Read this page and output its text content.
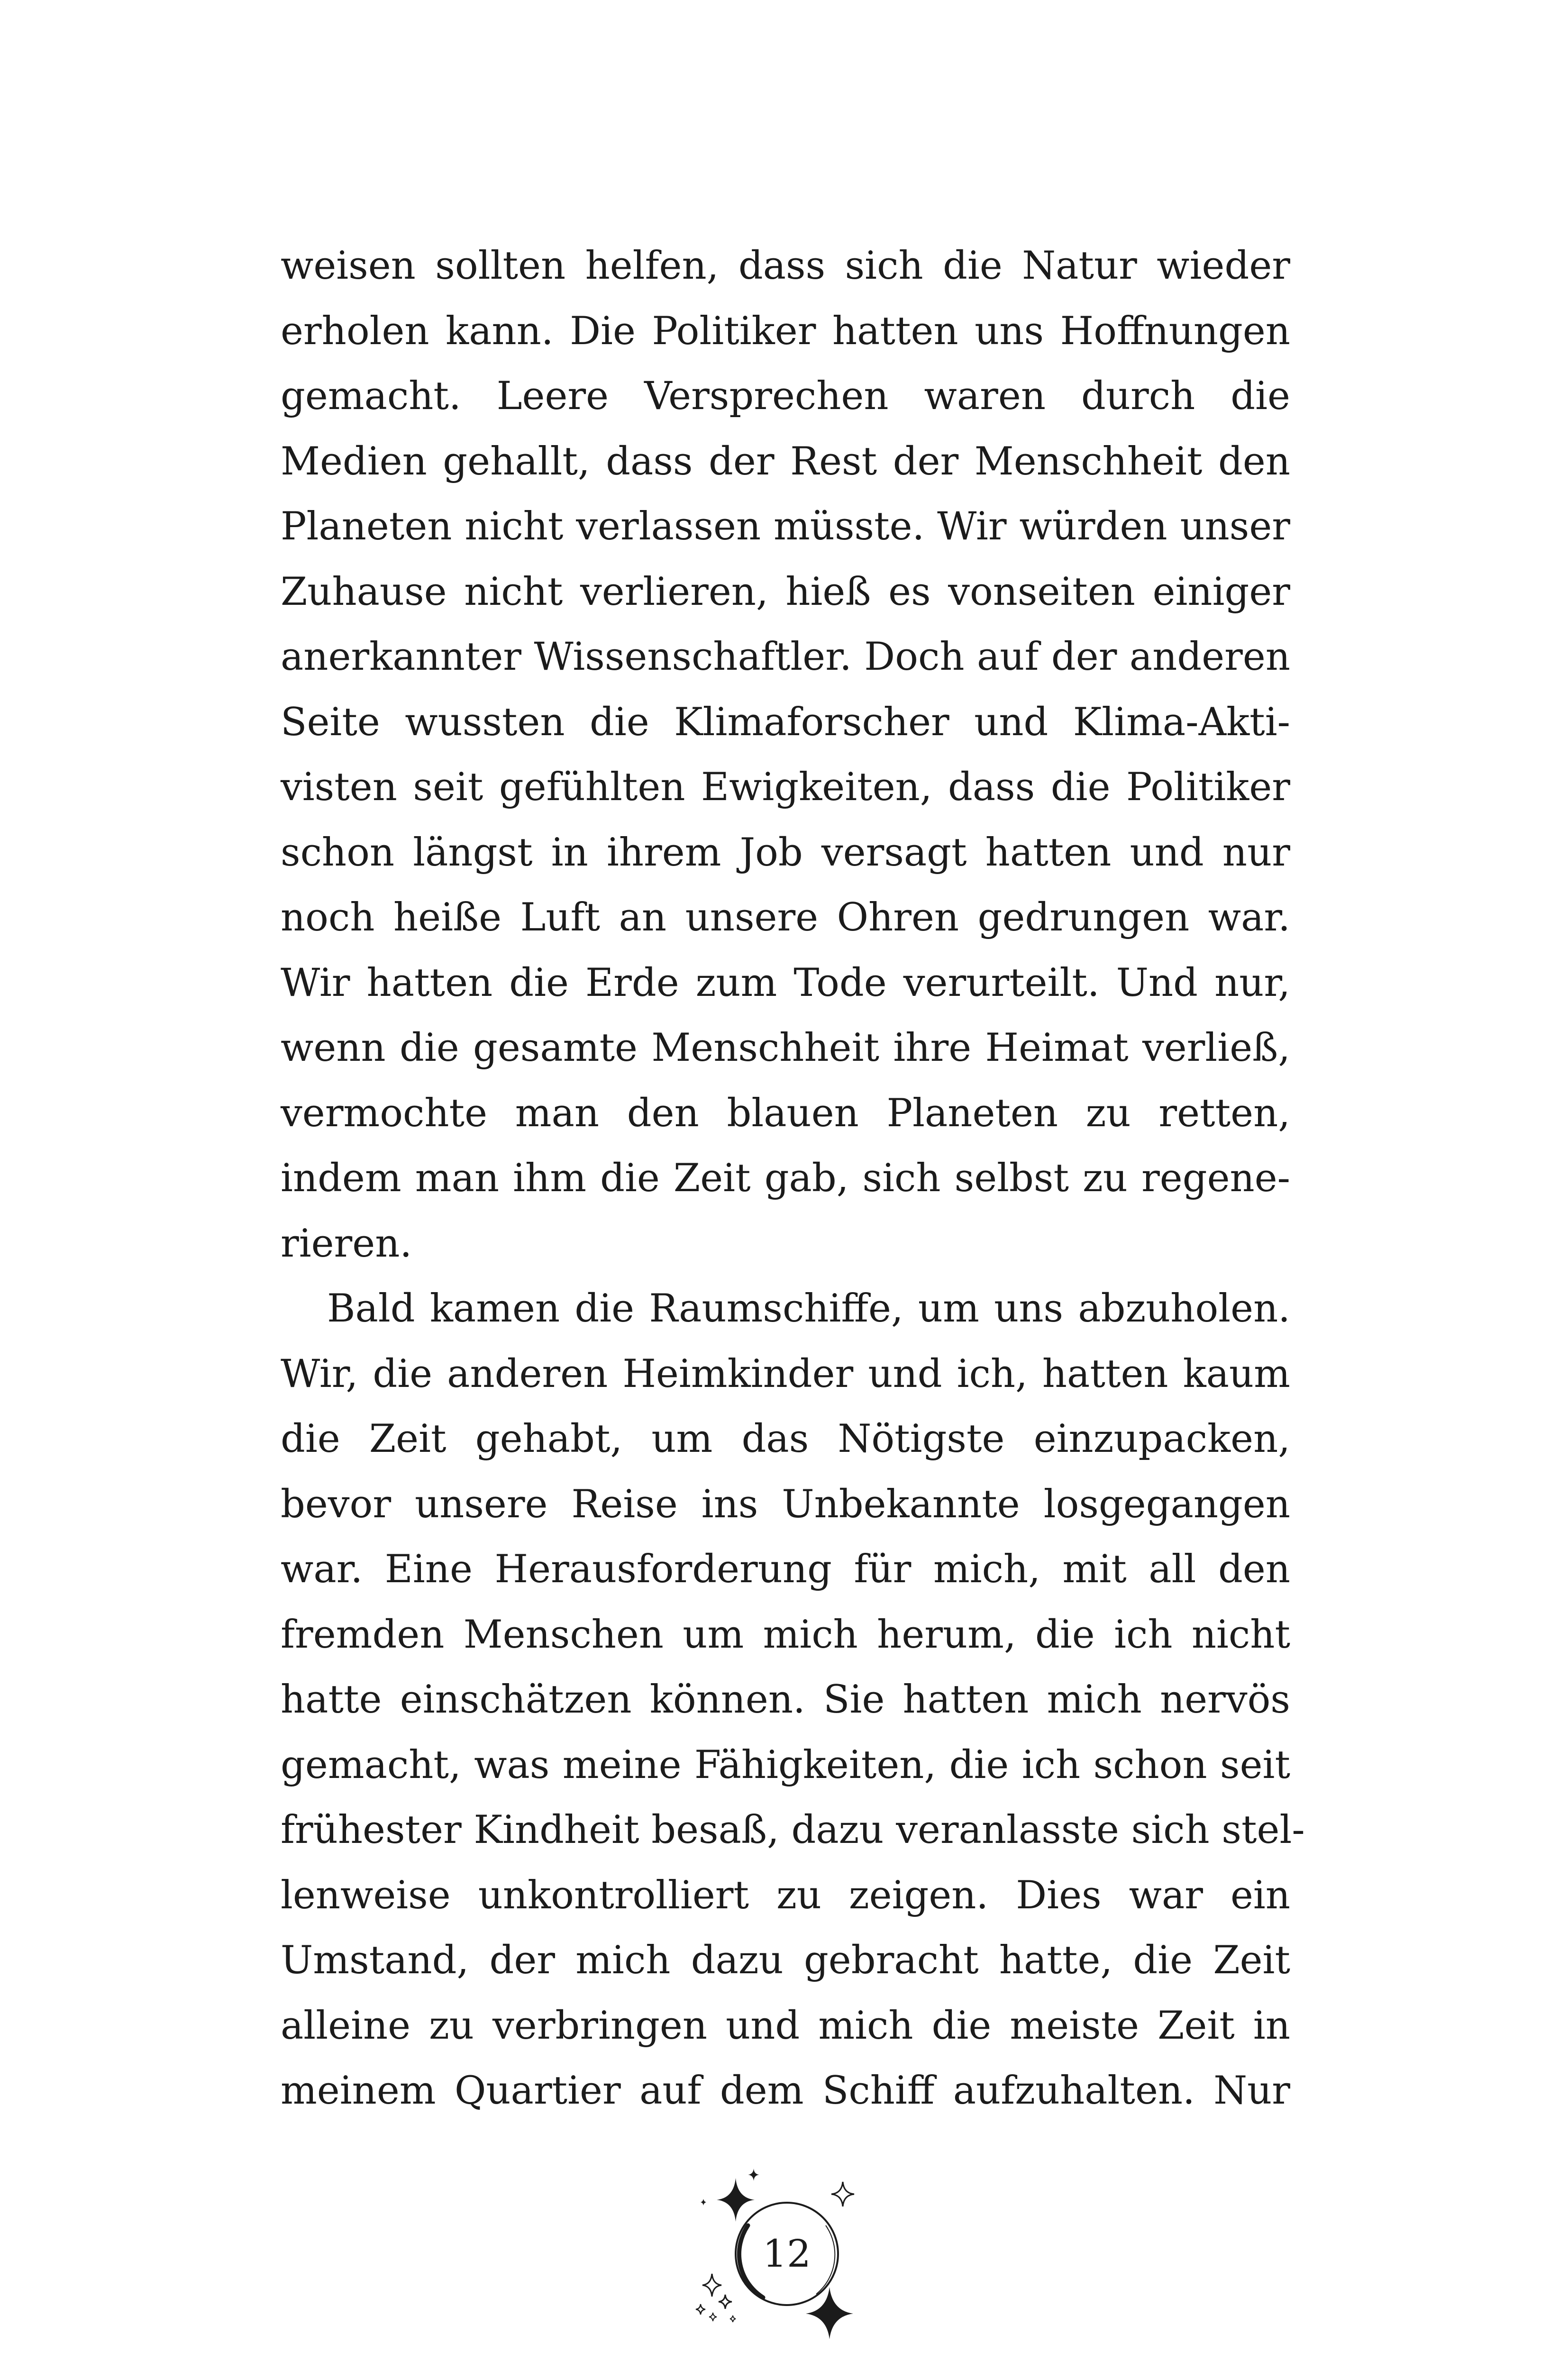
weisen sollten helfen, dass sich die Natur wieder
erholen kann. Die Politiker hatten uns Hoffnungen
gemacht. Leere Versprechen waren durch die
Medien gehallt, dass der Rest der Menschheit den
Planeten nicht verlassen müsste. Wir würden unser
Zuhause nicht verlieren, hieß es vonseiten einiger
anerkannter Wissenschaftler. Doch auf der anderen
Seite wussten die Klimaforscher und Klima-Akti-
visten seit gefühlten Ewigkeiten, dass die Politiker
schon längst in ihrem Job versagt hatten und nur
noch heiße Luft an unsere Ohren gedrungen war.
Wir hatten die Erde zum Tode verurteilt. Und nur,
wenn die gesamte Menschheit ihre Heimat verließ,
vermochte man den blauen Planeten zu retten,
indem man ihm die Zeit gab, sich selbst zu regene-
rieren.
Bald kamen die Raumschiffe, um uns abzuholen.
Wir, die anderen Heimkinder und ich, hatten kaum
die Zeit gehabt, um das Nötigste einzupacken,
bevor unsere Reise ins Unbekannte losgegangen
war. Eine Herausforderung für mich, mit all den
fremden Menschen um mich herum, die ich nicht
hatte einschätzen können. Sie hatten mich nervös
gemacht, was meine Fähigkeiten, die ich schon seit
frühester Kindheit besaß, dazu veranlasste sich stel-
lenweise unkontrolliert zu zeigen. Dies war ein
Umstand, der mich dazu gebracht hatte, die Zeit
alleine zu verbringen und mich die meiste Zeit in
meinem Quartier auf dem Schiff aufzuhalten. Nur
12
